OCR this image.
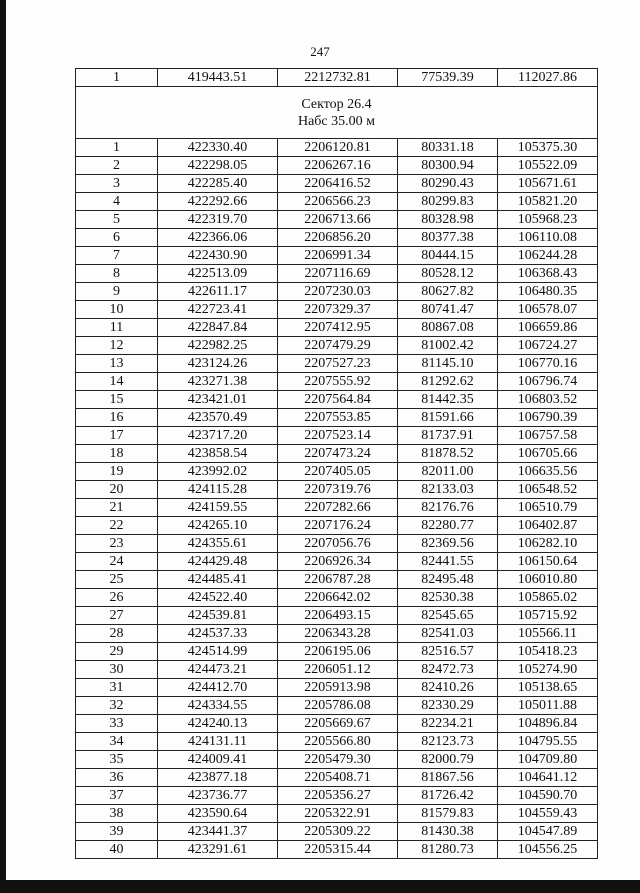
247
1	419443.51	2212732.81	77539.39	112027.86

Сектор 26.4
Набс 35.00 м				

1	422330.40	2206120.81	80331.18	105375.30
2	422298.05	2206267.16	80300.94	105522.09
3	422285.40	2206416.52	80290.43	105671.61
4	422292.66	2206566.23	80299.83	105821.20
5	422319.70	2206713.66	80328.98	105968.23
6	422366.06	2206856.20	80377.38	106110.08
7	422430.90	2206991.34	80444.15	106244.28
8	422513.09	2207116.69	80528.12	106368.43
9	422611.17	2207230.03	80627.82	106480.35
10	422723.41	2207329.37	80741.47	106578.07
11	422847.84	2207412.95	80867.08	106659.86
12	422982.25	2207479.29	81002.42	106724.27
13	423124.26	2207527.23	81145.10	106770.16
14	423271.38	2207555.92	81292.62	106796.74
15	423421.01	2207564.84	81442.35	106803.52
16	423570.49	2207553.85	81591.66	106790.39
17	423717.20	2207523.14	81737.91	106757.58
18	423858.54	2207473.24	81878.52	106705.66
19	423992.02	2207405.05	82011.00	106635.56
20	424115.28	2207319.76	82133.03	106548.52
21	424159.55	2207282.66	82176.76	106510.79
22	424265.10	2207176.24	82280.77	106402.87
23	424355.61	2207056.76	82369.56	106282.10
24	424429.48	2206926.34	82441.55	106150.64
25	424485.41	2206787.28	82495.48	106010.80
26	424522.40	2206642.02	82530.38	105865.02
27	424539.81	2206493.15	82545.65	105715.92
28	424537.33	2206343.28	82541.03	105566.11
29	424514.99	2206195.06	82516.57	105418.23
30	424473.21	2206051.12	82472.73	105274.90
31	424412.70	2205913.98	82410.26	105138.65
32	424334.55	2205786.08	82330.29	105011.88
33	424240.13	2205669.67	82234.21	104896.84
34	424131.11	2205566.80	82123.73	104795.55
35	424009.41	2205479.30	82000.79	104709.80
36	423877.18	2205408.71	81867.56	104641.12
37	423736.77	2205356.27	81726.42	104590.70
38	423590.64	2205322.91	81579.83	104559.43
39	423441.37	2205309.22	81430.38	104547.89
40	423291.61	2205315.44	81280.73	104556.25
